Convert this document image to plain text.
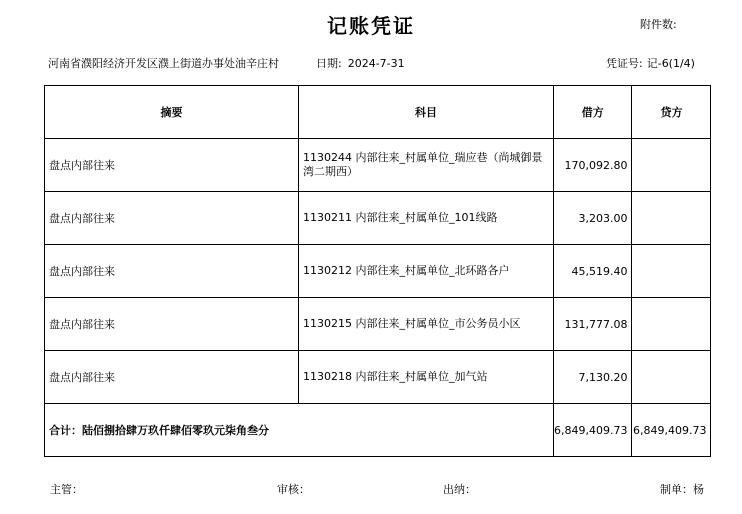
记账凭证	附件数:
河南省濮阳经济开发区濮上街道办事处油辛庄村	日期: 2024-7-31	凭证号: 记-6(1/4)
摘要	科目	借方	贷方
盘点内部往来	1130244 内部往来_村属单位_瑞应巷（尚城御景湾二期西）	170,092.80	
盘点内部往来	1130211 内部往来_村属单位_101线路	3,203.00	
盘点内部往来	1130212 内部往来_村属单位_北环路各户	45,519.40	
盘点内部往来	1130215 内部往来_村属单位_市公务员小区	131,777.08	
盘点内部往来	1130218 内部往来_村属单位_加气站	7,130.20	
合计：陆佰捌拾肆万玖仟肆佰零玖元柒角叁分		6,849,409.73	6,849,409.73
主管：	审核：	出纳：	制单：杨
